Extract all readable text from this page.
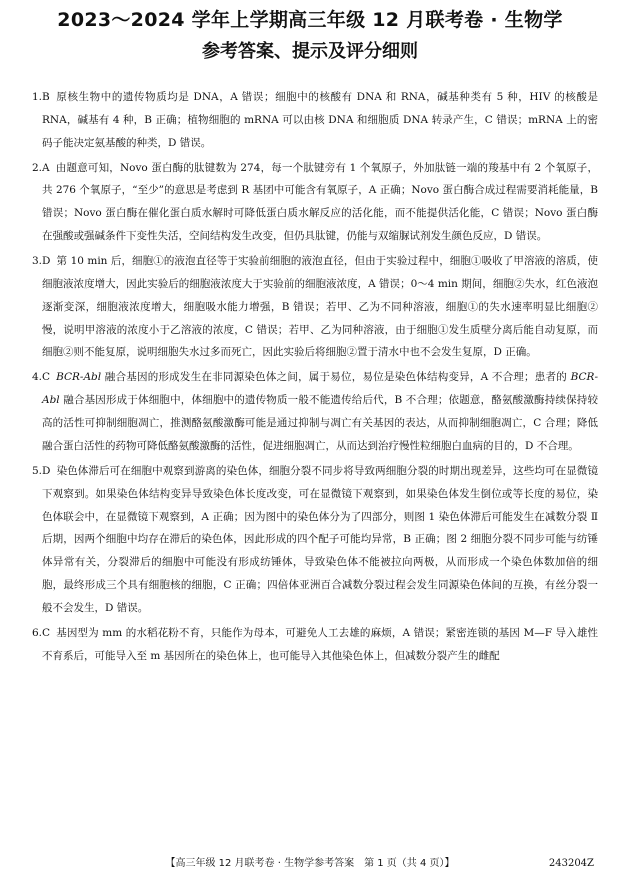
2023～2024 学年上学期高三年级 12 月联考卷 · 生物学
参考答案、提示及评分细则

1.B 原核生物中的遗传物质均是 DNA，A 错误；细胞中的核酸有 DNA 和 RNA，碱基种类有 5 种，HIV 的核酸是 RNA，碱基有 4 种，B 正确；植物细胞的 mRNA 可以由核 DNA 和细胞质 DNA 转录产生，C 错误；mRNA 上的密码子能决定氨基酸的种类，D 错误。

2.A 由题意可知，Novo 蛋白酶的肽键数为 274，每一个肽键旁有 1 个氧原子，外加肽链一端的羧基中有 2 个氧原子，共 276 个氧原子，“至少”的意思是考虑到 R 基团中可能含有氧原子，A 正确；Novo 蛋白酶合成过程需要消耗能量，B 错误；Novo 蛋白酶在催化蛋白质水解时可降低蛋白质水解反应的活化能，而不能提供活化能，C 错误；Novo 蛋白酶在强酸或强碱条件下变性失活，空间结构发生改变，但仍具肽键，仍能与双缩脲试剂发生颜色反应，D 错误。

3.D 第 10 min 后，细胞①的液泡直径等于实验前细胞的液泡直径，但由于实验过程中，细胞①吸收了甲溶液的溶质，使细胞液浓度增大，因此实验后的细胞液浓度大于实验前的细胞液浓度，A 错误；0～4 min 期间，细胞②失水，红色液泡逐渐变深，细胞液浓度增大，细胞吸水能力增强，B 错误；若甲、乙为不同种溶液，细胞①的失水速率明显比细胞②慢，说明甲溶液的浓度小于乙溶液的浓度，C 错误；若甲、乙为同种溶液，由于细胞①发生质壁分离后能自动复原，而细胞②则不能复原，说明细胞失水过多而死亡，因此实验后将细胞②置于清水中也不会发生复原，D 正确。

4.C BCR-Abl 融合基因的形成发生在非同源染色体之间，属于易位，易位是染色体结构变异，A 不合理；患者的 BCR-Abl 融合基因形成于体细胞中，体细胞中的遗传物质一般不能遗传给后代，B 不合理；依题意，酪氨酸激酶持续保持较高的活性可抑制细胞凋亡，推测酪氨酸激酶可能是通过抑制与凋亡有关基因的表达，从而抑制细胞凋亡，C 合理；降低融合蛋白活性的药物可降低酪氨酸激酶的活性，促进细胞凋亡，从而达到治疗慢性粒细胞白血病的目的，D 不合理。

5.D 染色体滞后可在细胞中观察到游离的染色体，细胞分裂不同步将导致两细胞分裂的时期出现差异，这些均可在显微镜下观察到。如果染色体结构变异导致染色体长度改变，可在显微镜下观察到，如果染色体发生倒位或等长度的易位，染色体联会中，在显微镜下观察到，A 正确；因为图中的染色体分为了四部分，则图 1 染色体滞后可能发生在减数分裂 Ⅱ 后期，因两个细胞中均存在滞后的染色体，因此形成的四个配子可能均异常，B 正确；图 2 细胞分裂不同步可能与纺锤体异常有关，分裂滞后的细胞中可能没有形成纺锤体，导致染色体不能被拉向两极，从而形成一个染色体数加倍的细胞，最终形成三个具有细胞核的细胞，C 正确；四倍体亚洲百合减数分裂过程会发生同源染色体间的互换，有丝分裂一般不会发生，D 错误。

6.C 基因型为 mm 的水稻花粉不育，只能作为母本，可避免人工去雄的麻烦，A 错误；紧密连锁的基因 M—F 导入雄性不育系后，可能导入至 m 基因所在的染色体上，也可能导入其他染色体上，但减数分裂产生的雌配

【高三年级 12 月联考卷 · 生物学参考答案　第 1 页（共 4 页）】	243204Z
